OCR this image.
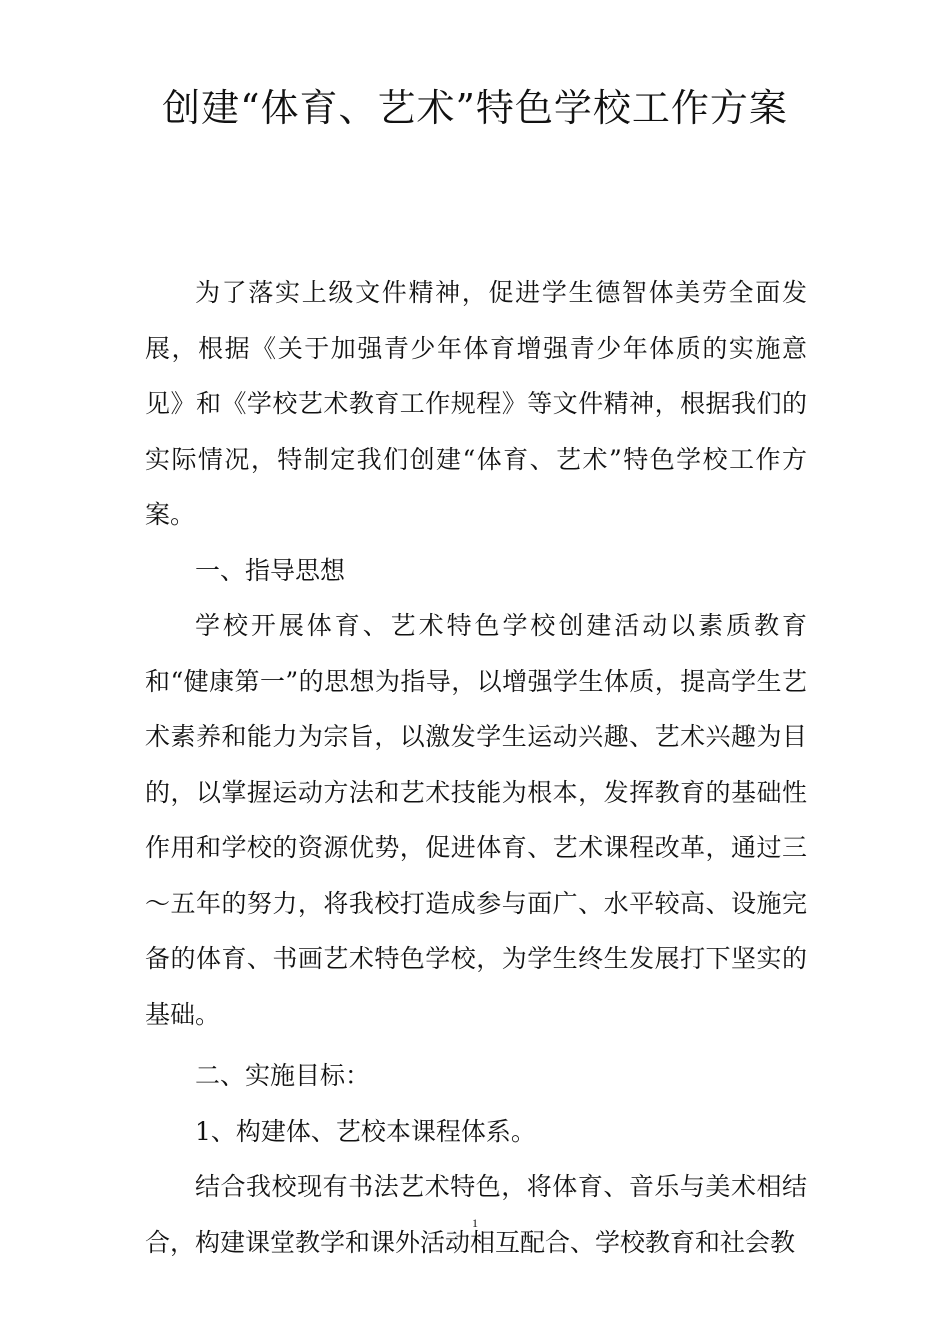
创建“体育、艺术”特色学校工作方案

为了落实上级文件精神，促进学生德智体美劳全面发展，根据《关于加强青少年体育增强青少年体质的实施意见》和《学校艺术教育工作规程》等文件精神，根据我们的实际情况，特制定我们创建“体育、艺术”特色学校工作方案。

一、指导思想

学校开展体育、艺术特色学校创建活动以素质教育和“健康第一”的思想为指导，以增强学生体质，提高学生艺术素养和能力为宗旨，以激发学生运动兴趣、艺术兴趣为目的，以掌握运动方法和艺术技能为根本，发挥教育的基础性作用和学校的资源优势，促进体育、艺术课程改革，通过三～五年的努力，将我校打造成参与面广、水平较高、设施完备的体育、书画艺术特色学校，为学生终生发展打下坚实的基础。

二、实施目标：

1、构建体、艺校本课程体系。

结合我校现有书法艺术特色，将体育、音乐与美术相结合，构建课堂教学和课外活动相互配合、学校教育和社会教

1
